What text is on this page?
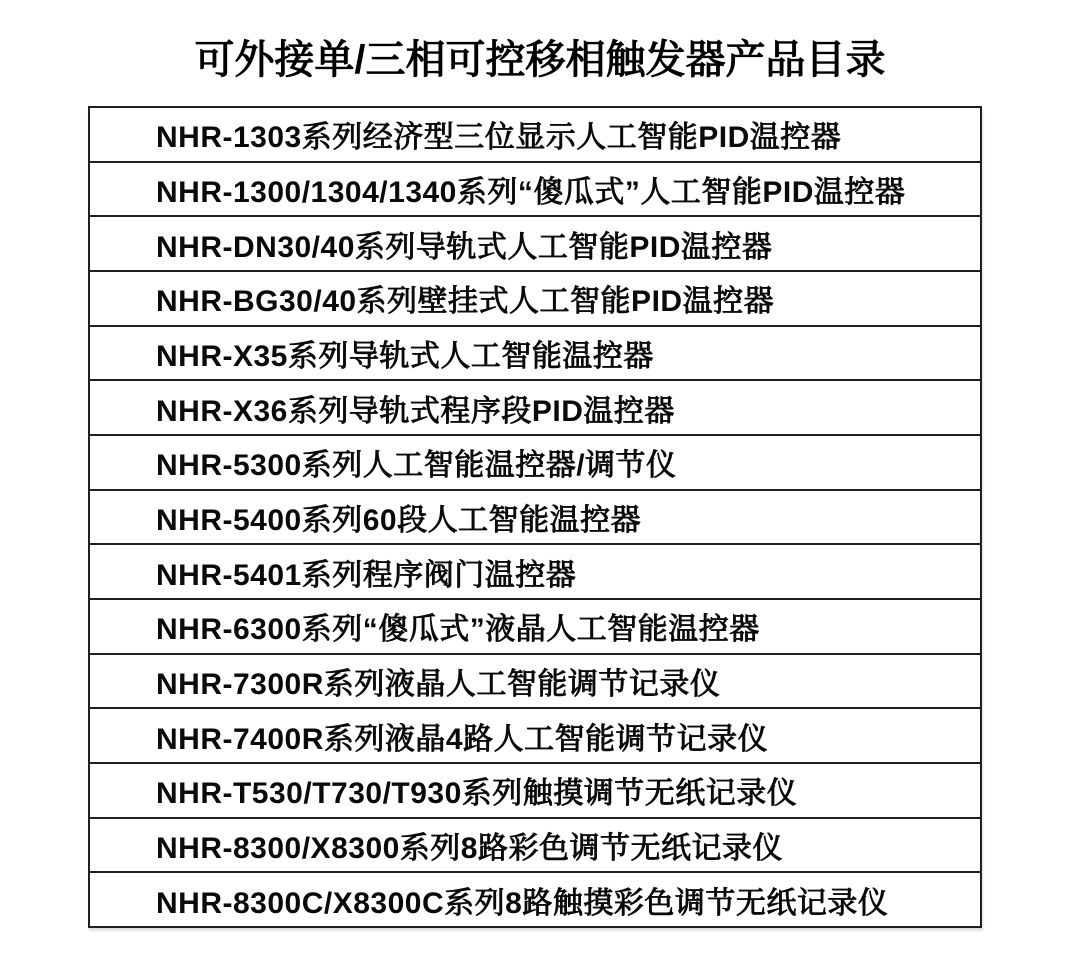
可外接单/三相可控移相触发器产品目录
NHR-1303系列经济型三位显示人工智能PID温控器
NHR-1300/1304/1340系列“傻瓜式”人工智能PID温控器
NHR-DN30/40系列导轨式人工智能PID温控器
NHR-BG30/40系列壁挂式人工智能PID温控器
NHR-X35系列导轨式人工智能温控器
NHR-X36系列导轨式程序段PID温控器
NHR-5300系列人工智能温控器/调节仪
NHR-5400系列60段人工智能温控器
NHR-5401系列程序阀门温控器
NHR-6300系列“傻瓜式”液晶人工智能温控器
NHR-7300R系列液晶人工智能调节记录仪
NHR-7400R系列液晶4路人工智能调节记录仪
NHR-T530/T730/T930系列触摸调节无纸记录仪
NHR-8300/X8300系列8路彩色调节无纸记录仪
NHR-8300C/X8300C系列8路触摸彩色调节无纸记录仪
